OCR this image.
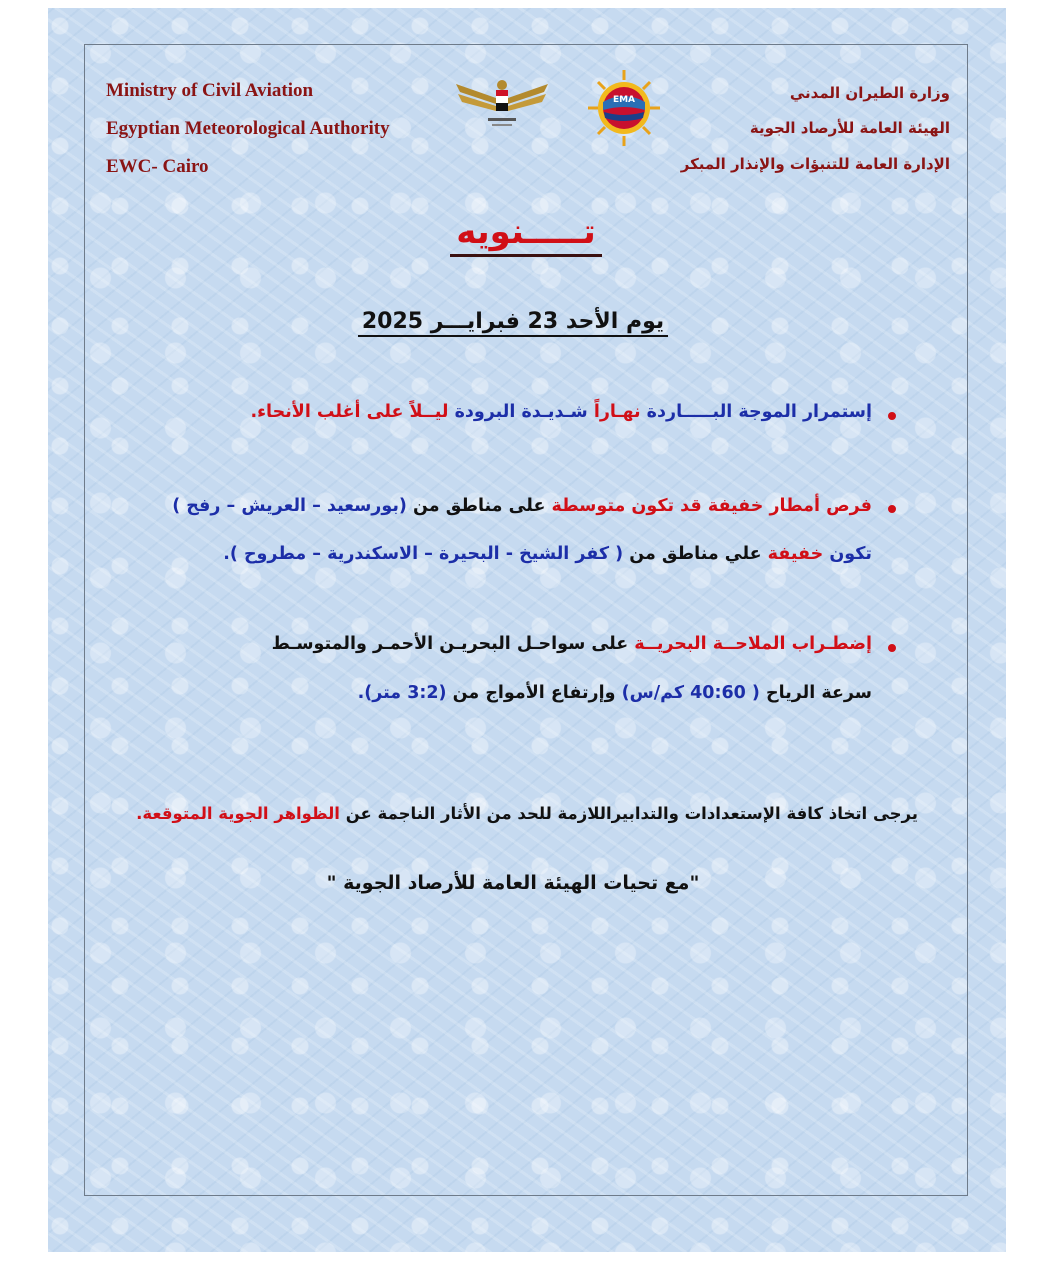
Ministry of Civil Aviation
Egyptian Meteorological Authority
EWC- Cairo
وزارة الطيران المدني
الهيئة العامة للأرصاد الجوية
الإدارة العامة للتنبؤات والإنذار المبكر
EMA
تـــــنويه
يوم الأحد 23 فبرايـــر 2025
إستمرار الموجة البـــــاردة نهـاراً شـديـدة البرودة ليــلاً على أغلب الأنحاء.
فرص أمطار خفيفة قد تكون متوسطة على مناطق من (بورسعيد – العريش – رفح )
تكون خفيفة علي مناطق من ( كفر الشيخ - البحيرة – الاسكندرية – مطروح ).
إضطـراب الملاحــة البحريــة على سواحـل البحريـن الأحمـر والمتوسـط
سرعة الرياح ( 40:60 كم/س) وإرتفاع الأمواج من (3:2 متر).
يرجى اتخاذ كافة الإستعدادات والتدابيراللازمة للحد من الأثار الناجمة عن الظواهر الجوية المتوقعة.
"مع تحيات الهيئة العامة للأرصاد الجوية "
